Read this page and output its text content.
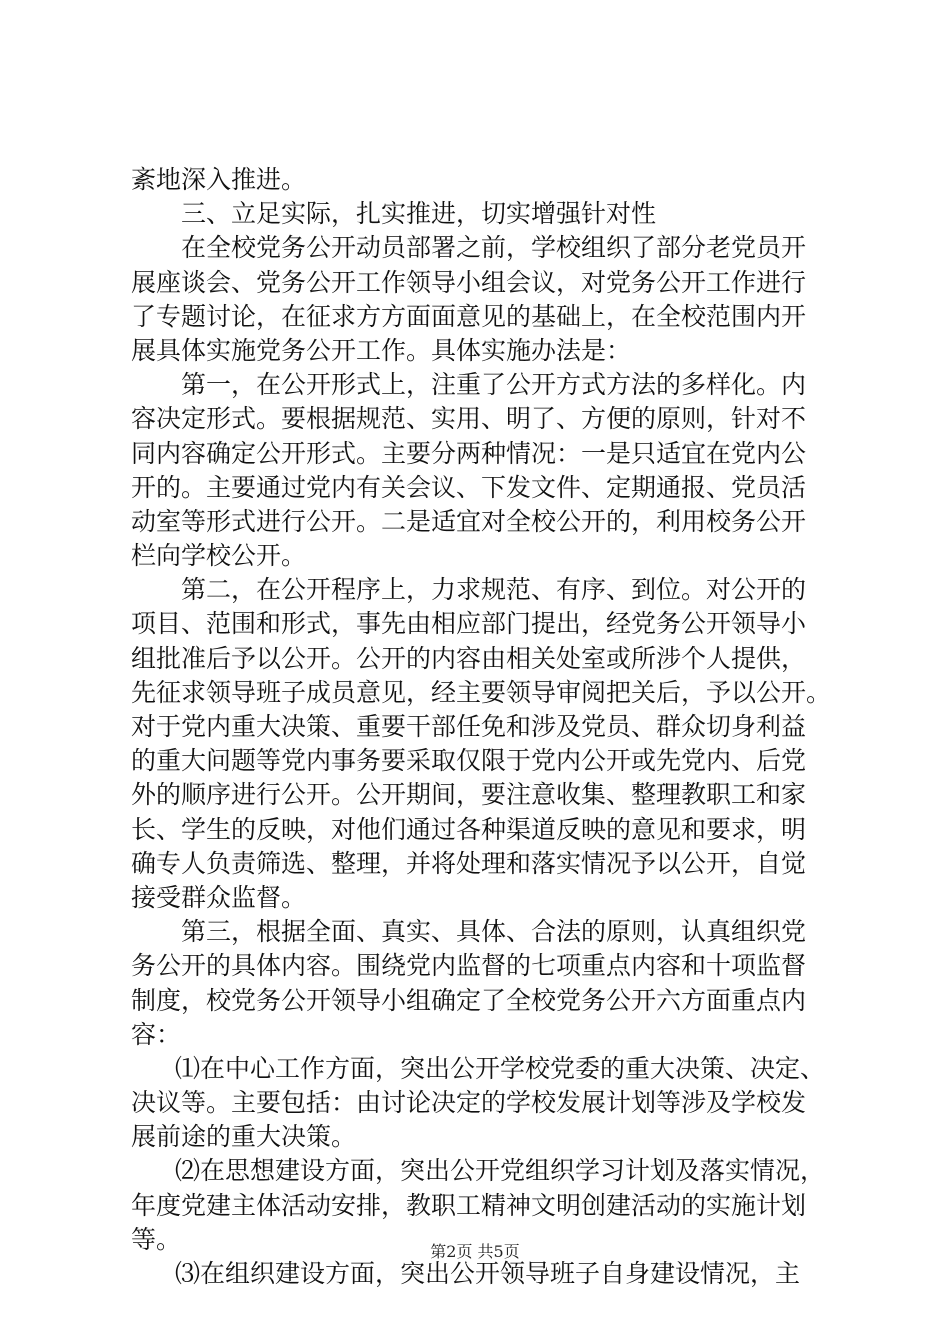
紊地深入推进。
三、立足实际，扎实推进，切实增强针对性
在全校党务公开动员部署之前，学校组织了部分老党员开
展座谈会、党务公开工作领导小组会议，对党务公开工作进行
了专题讨论，在征求方方面面意见的基础上，在全校范围内开
展具体实施党务公开工作。具体实施办法是：
第一，在公开形式上，注重了公开方式方法的多样化。内
容决定形式。要根据规范、实用、明了、方便的原则，针对不
同内容确定公开形式。主要分两种情况：一是只适宜在党内公
开的。主要通过党内有关会议、下发文件、定期通报、党员活
动室等形式进行公开。二是适宜对全校公开的，利用校务公开
栏向学校公开。
第二，在公开程序上，力求规范、有序、到位。对公开的
项目、范围和形式，事先由相应部门提出，经党务公开领导小
组批准后予以公开。公开的内容由相关处室或所涉个人提供，
先征求领导班子成员意见，经主要领导审阅把关后，予以公开。
对于党内重大决策、重要干部任免和涉及党员、群众切身利益
的重大问题等党内事务要采取仅限于党内公开或先党内、后党
外的顺序进行公开。公开期间，要注意收集、整理教职工和家
长、学生的反映，对他们通过各种渠道反映的意见和要求，明
确专人负责筛选、整理，并将处理和落实情况予以公开，自觉
接受群众监督。
第三，根据全面、真实、具体、合法的原则，认真组织党
务公开的具体内容。围绕党内监督的七项重点内容和十项监督
制度，校党务公开领导小组确定了全校党务公开六方面重点内
容：
⑴在中心工作方面，突出公开学校党委的重大决策、决定、
决议等。主要包括：由讨论决定的学校发展计划等涉及学校发
展前途的重大决策。
⑵在思想建设方面，突出公开党组织学习计划及落实情况，
年度党建主体活动安排，教职工精神文明创建活动的实施计划
等。
⑶在组织建设方面，突出公开领导班子自身建设情况，主
第2页 共5页
